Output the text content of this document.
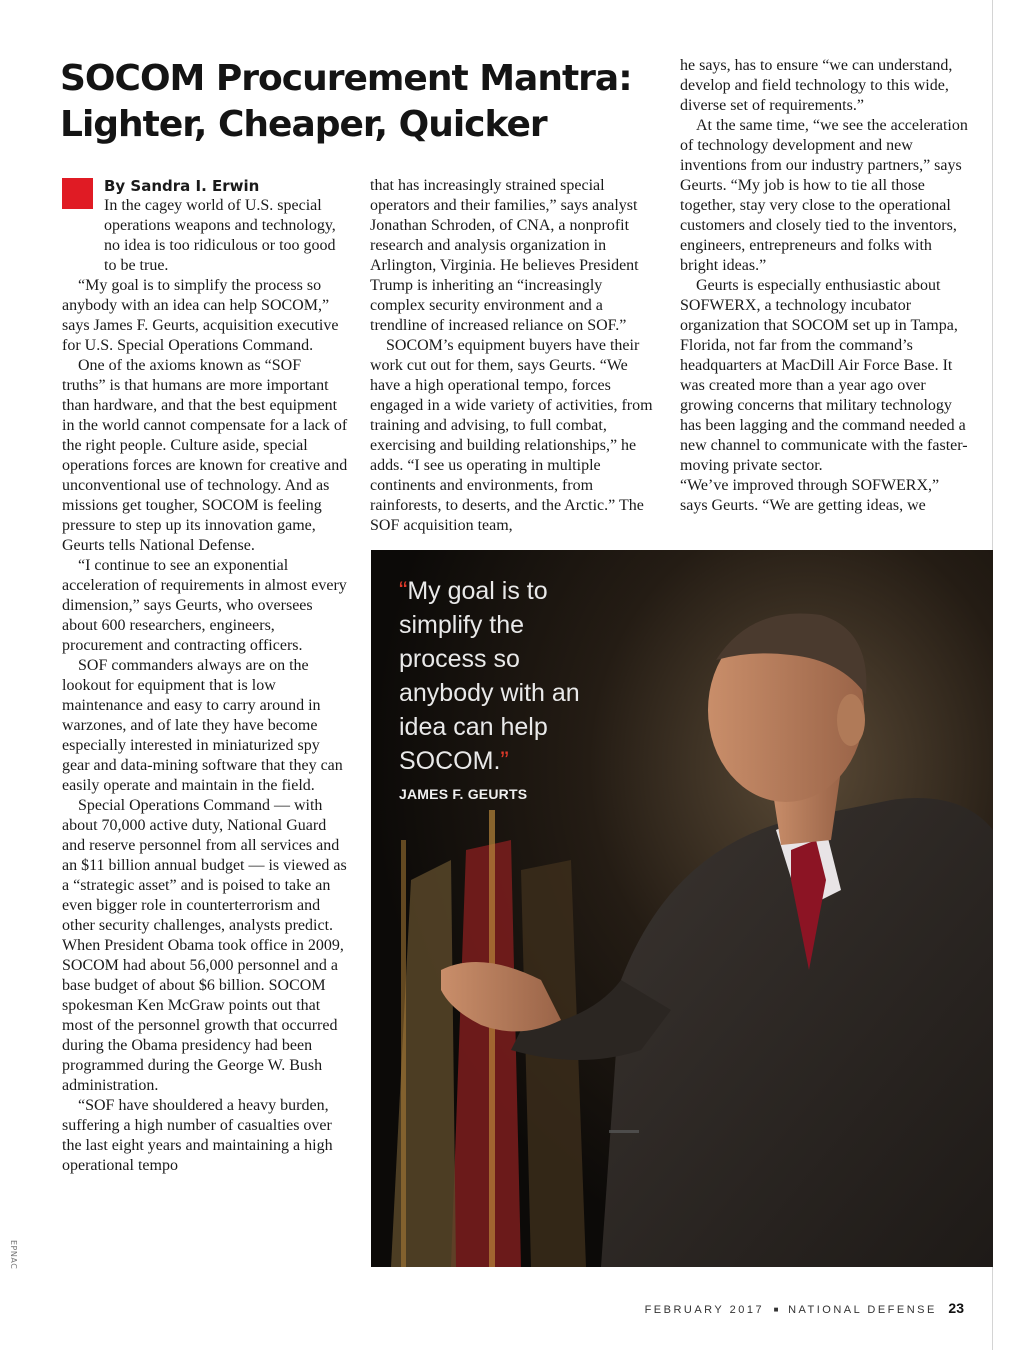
SOCOM Procurement Mantra:
Lighter, Cheaper, Quicker
By Sandra I. Erwin

In the cagey world of U.S. special operations weapons and technology, no idea is too ridiculous or too good to be true.

“My goal is to simplify the process so anybody with an idea can help SOCOM,” says James F. Geurts, acquisition executive for U.S. Special Operations Command.

One of the axioms known as “SOF truths” is that humans are more important than hardware, and that the best equipment in the world cannot compensate for a lack of the right people. Culture aside, special operations forces are known for creative and unconventional use of technology. And as missions get tougher, SOCOM is feeling pressure to step up its innovation game, Geurts tells National Defense.

“I continue to see an exponential acceleration of requirements in almost every dimension,” says Geurts, who oversees about 600 researchers, engineers, procurement and contracting officers.

SOF commanders always are on the lookout for equipment that is low maintenance and easy to carry around in warzones, and of late they have become especially interested in miniaturized spy gear and data-mining software that they can easily operate and maintain in the field.

Special Operations Command — with about 70,000 active duty, National Guard and reserve personnel from all services and an $11 billion annual budget — is viewed as a “strategic asset” and is poised to take an even bigger role in counterterrorism and other security challenges, analysts predict. When President Obama took office in 2009, SOCOM had about 56,000 personnel and a base budget of about $6 billion. SOCOM spokesman Ken McGraw points out that most of the personnel growth that occurred during the Obama presidency had been programmed during the George W. Bush administration.

“SOF have shouldered a heavy burden, suffering a high number of casualties over the last eight years and maintaining a high operational tempo

that has increasingly strained special operators and their families,” says analyst Jonathan Schroden, of CNA, a nonprofit research and analysis organization in Arlington, Virginia. He believes President Trump is inheriting an “increasingly complex security environment and a trendline of increased reliance on SOF.”

SOCOM’s equipment buyers have their work cut out for them, says Geurts. “We have a high operational tempo, forces engaged in a wide variety of activities, from training and advising, to full combat, exercising and building relationships,” he adds. “I see us operating in multiple continents and environments, from rainforests, to deserts, and the Arctic.” The SOF acquisition team,

he says, has to ensure “we can understand, develop and field technology to this wide, diverse set of requirements.”

At the same time, “we see the acceleration of technology development and new inventions from our industry partners,” says Geurts. “My job is how to tie all those together, stay very close to the operational customers and closely tied to the inventors, engineers, entrepreneurs and folks with bright ideas.”

Geurts is especially enthusiastic about SOFWERX, a technology incubator organization that SOCOM set up in Tampa, Florida, not far from the command’s headquarters at MacDill Air Force Base. It was created more than a year ago over growing concerns that military technology has been lagging and the command needed a new channel to communicate with the faster-moving private sector.

“We’ve improved through SOFWERX,” says Geurts. “We are getting ideas, we

“My goal is to simplify the process so anybody with an idea can help SOCOM.”

JAMES F. GEURTS
EPNAC
FEBRUARY 2017 ■ NATIONAL DEFENSE 23
